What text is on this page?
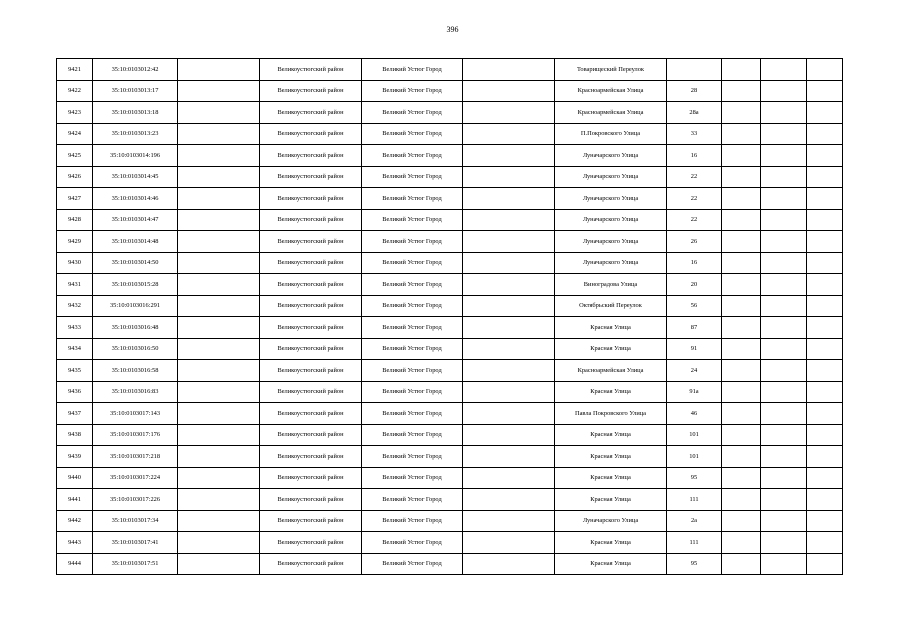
396
9421	35:10:0103012:42		Великоустюгский район	Великий Устюг Город		Товарищеский Переулок				
9422	35:10:0103013:17		Великоустюгский район	Великий Устюг Город		Красноармейская Улица	28			
9423	35:10:0103013:18		Великоустюгский район	Великий Устюг Город		Красноармейская Улица	28а			
9424	35:10:0103013:23		Великоустюгский район	Великий Устюг Город		П.Покровского Улица	33			
9425	35:10:0103014:196		Великоустюгский район	Великий Устюг Город		Луначарского Улица	16			
9426	35:10:0103014:45		Великоустюгский район	Великий Устюг Город		Луначарского Улица	22			
9427	35:10:0103014:46		Великоустюгский район	Великий Устюг Город		Луначарского Улица	22			
9428	35:10:0103014:47		Великоустюгский район	Великий Устюг Город		Луначарского Улица	22			
9429	35:10:0103014:48		Великоустюгский район	Великий Устюг Город		Луначарского Улица	26			
9430	35:10:0103014:50		Великоустюгский район	Великий Устюг Город		Луначарского Улица	16			
9431	35:10:0103015:28		Великоустюгский район	Великий Устюг Город		Виноградова Улица	20			
9432	35:10:0103016:291		Великоустюгский район	Великий Устюг Город		Октябрьский Переулок	56			
9433	35:10:0103016:48		Великоустюгский район	Великий Устюг Город		Красная Улица	87			
9434	35:10:0103016:50		Великоустюгский район	Великий Устюг Город		Красная Улица	91			
9435	35:10:0103016:58		Великоустюгский район	Великий Устюг Город		Красноармейская Улица	24			
9436	35:10:0103016:83		Великоустюгский район	Великий Устюг Город		Красная Улица	91а			
9437	35:10:0103017:143		Великоустюгский район	Великий Устюг Город		Павла Покровского Улица	46			
9438	35:10:0103017:176		Великоустюгский район	Великий Устюг Город		Красная Улица	101			
9439	35:10:0103017:218		Великоустюгский район	Великий Устюг Город		Красная Улица	101			
9440	35:10:0103017:224		Великоустюгский район	Великий Устюг Город		Красная Улица	95			
9441	35:10:0103017:226		Великоустюгский район	Великий Устюг Город		Красная Улица	111			
9442	35:10:0103017:34		Великоустюгский район	Великий Устюг Город		Луначарского Улица	2а			
9443	35:10:0103017:41		Великоустюгский район	Великий Устюг Город		Красная Улица	111			
9444	35:10:0103017:51		Великоустюгский район	Великий Устюг Город		Красная Улица	95			
